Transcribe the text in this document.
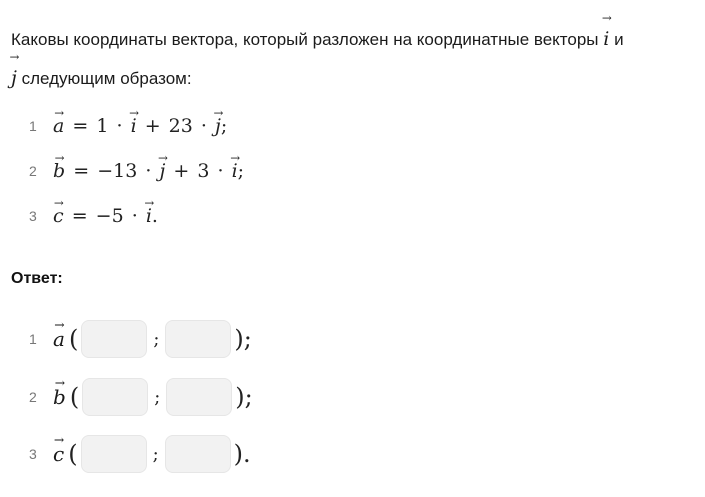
Каковы координаты вектора, который разложен на координатные векторы → i и
→ j следующим образом:
1 → a = 1 · → i + 23 · → j;
2 → b = −13 · → j + 3 · → i;
3 → c = −5 · → i.
Ответ:
1 → a (	;	);
2 → b (	;	);
3 → c (	;	).
